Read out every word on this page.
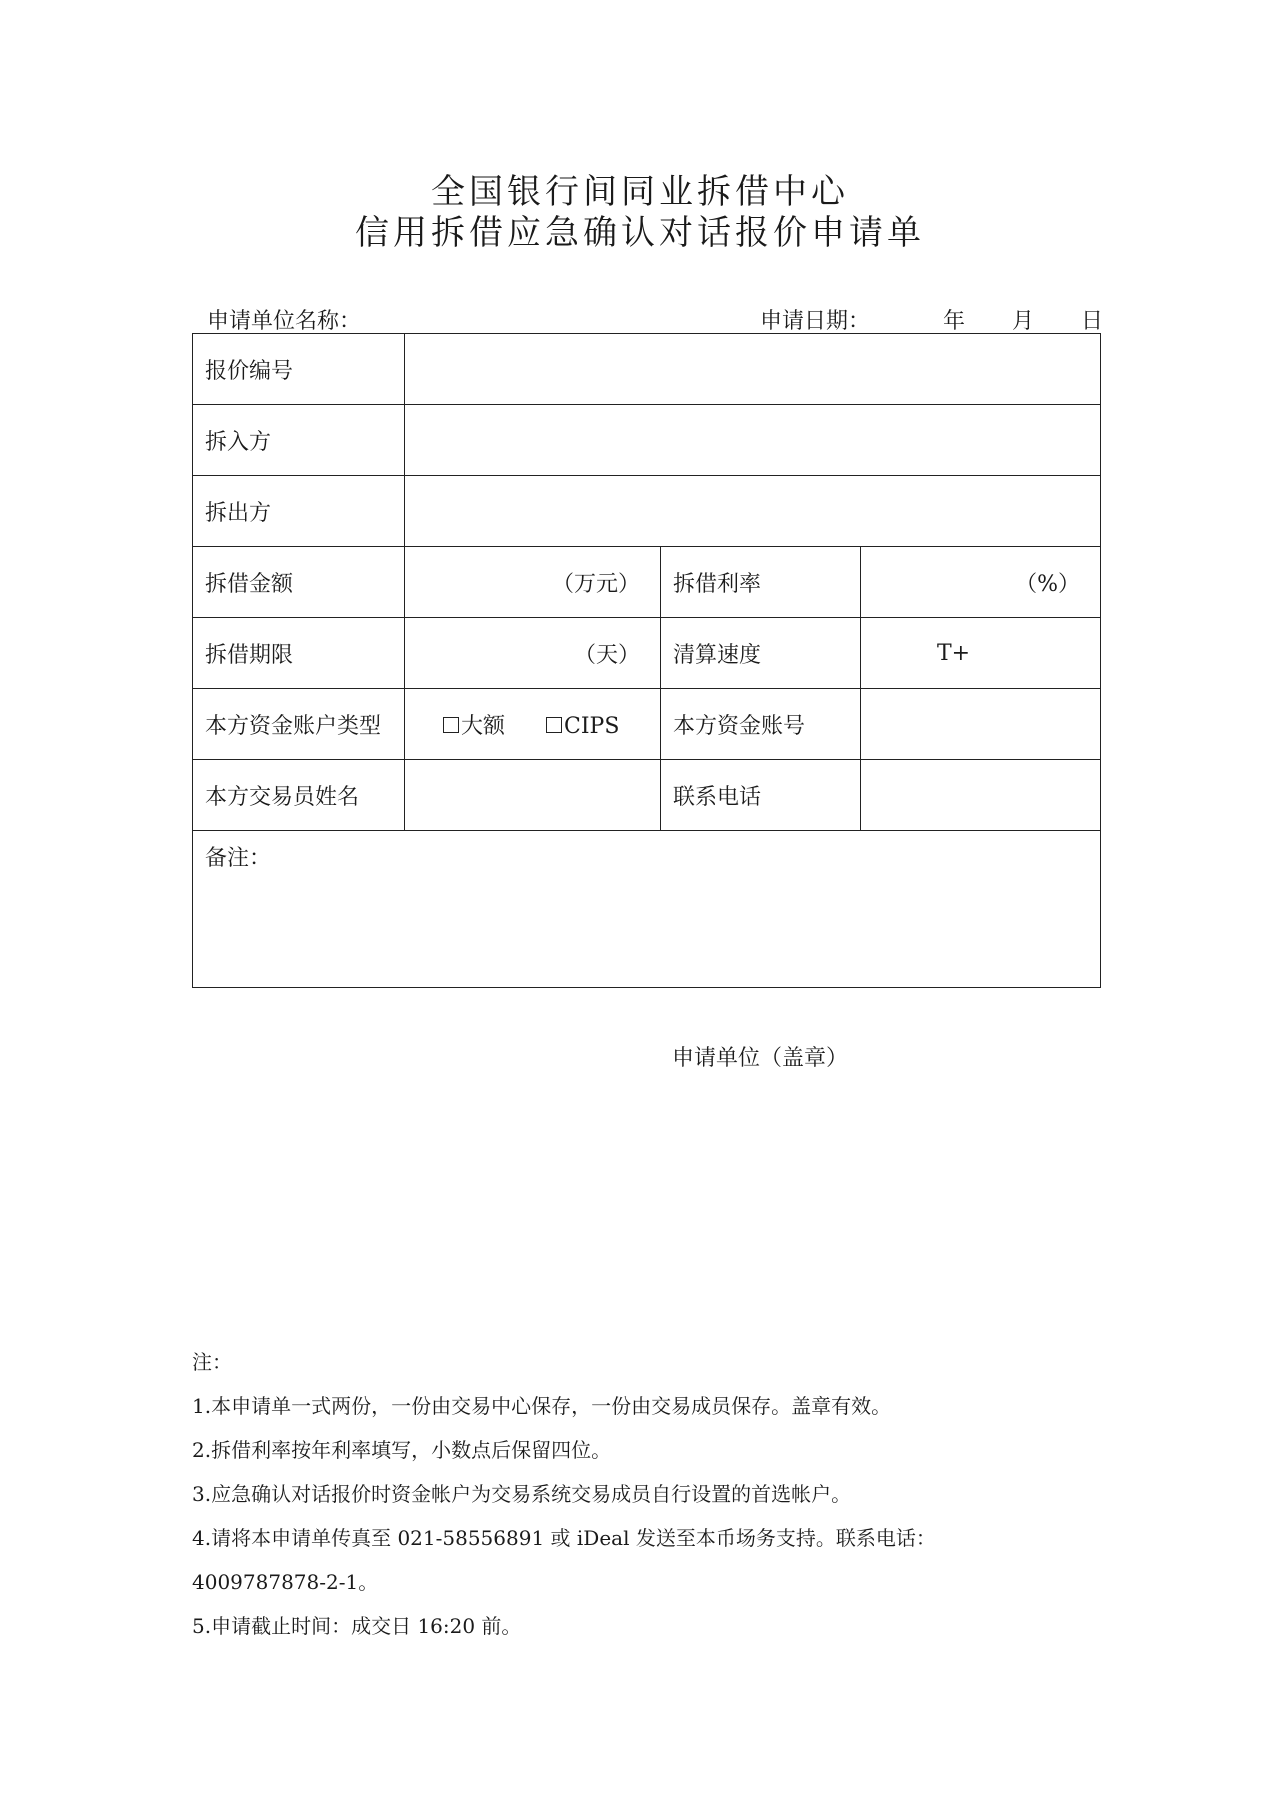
全国银行间同业拆借中心
信用拆借应急确认对话报价申请单
申请单位名称：	申请日期：	年 月 日
报价编号			
拆入方			
拆出方			
拆借金额	（万元）	拆借利率	（%）
拆借期限	（天）	清算速度	T+
本方资金账户类型	大额 CIPS	本方资金账号	
本方交易员姓名		联系电话	
备注：			
申请单位（盖章）
注：
1.本申请单一式两份，一份由交易中心保存，一份由交易成员保存。盖章有效。
2.拆借利率按年利率填写，小数点后保留四位。
3.应急确认对话报价时资金帐户为交易系统交易成员自行设置的首选帐户。
4.请将本申请单传真至 021-58556891 或 iDeal 发送至本币场务支持。联系电话：
4009787878-2-1。
5.申请截止时间：成交日 16:20 前。
